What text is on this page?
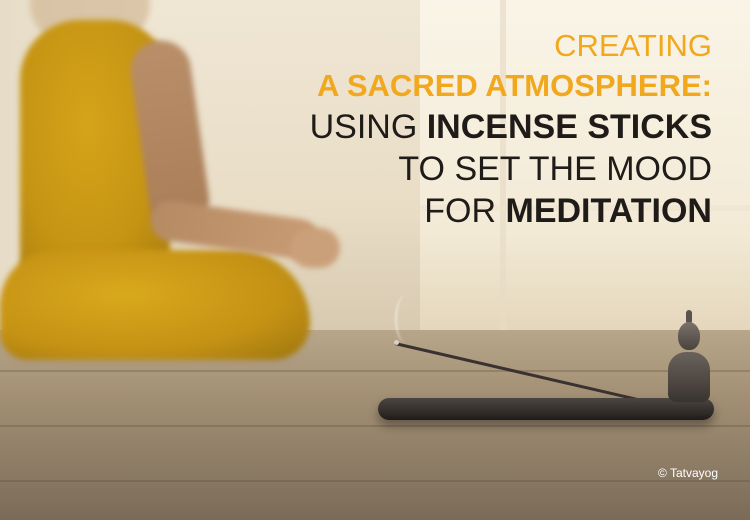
CREATING
A SACRED ATMOSPHERE:
USING INCENSE STICKS
TO SET THE MOOD
FOR MEDITATION
© Tatvayog
